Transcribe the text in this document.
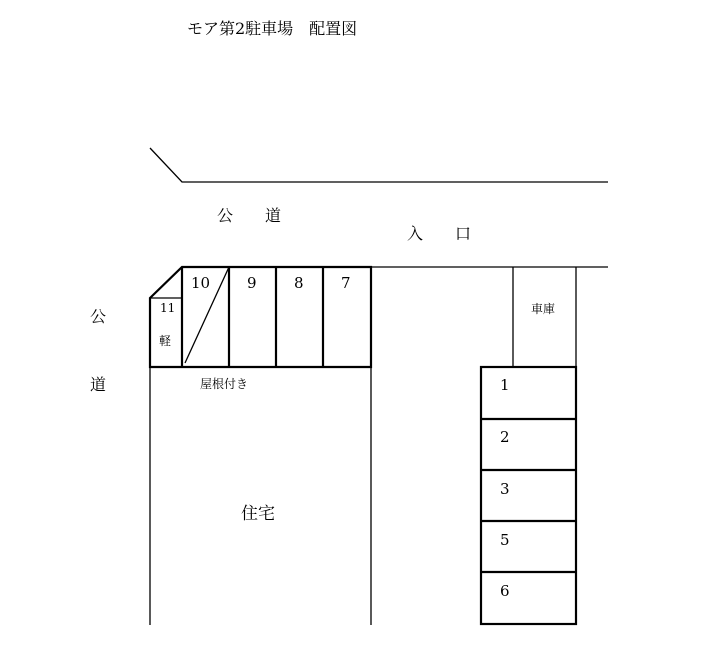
モア第2駐車場　配置図
公　　道
入　　口
公
道
車庫
11
軽
10 9 8 7
屋根付き
住宅
1
2
3
5
6
